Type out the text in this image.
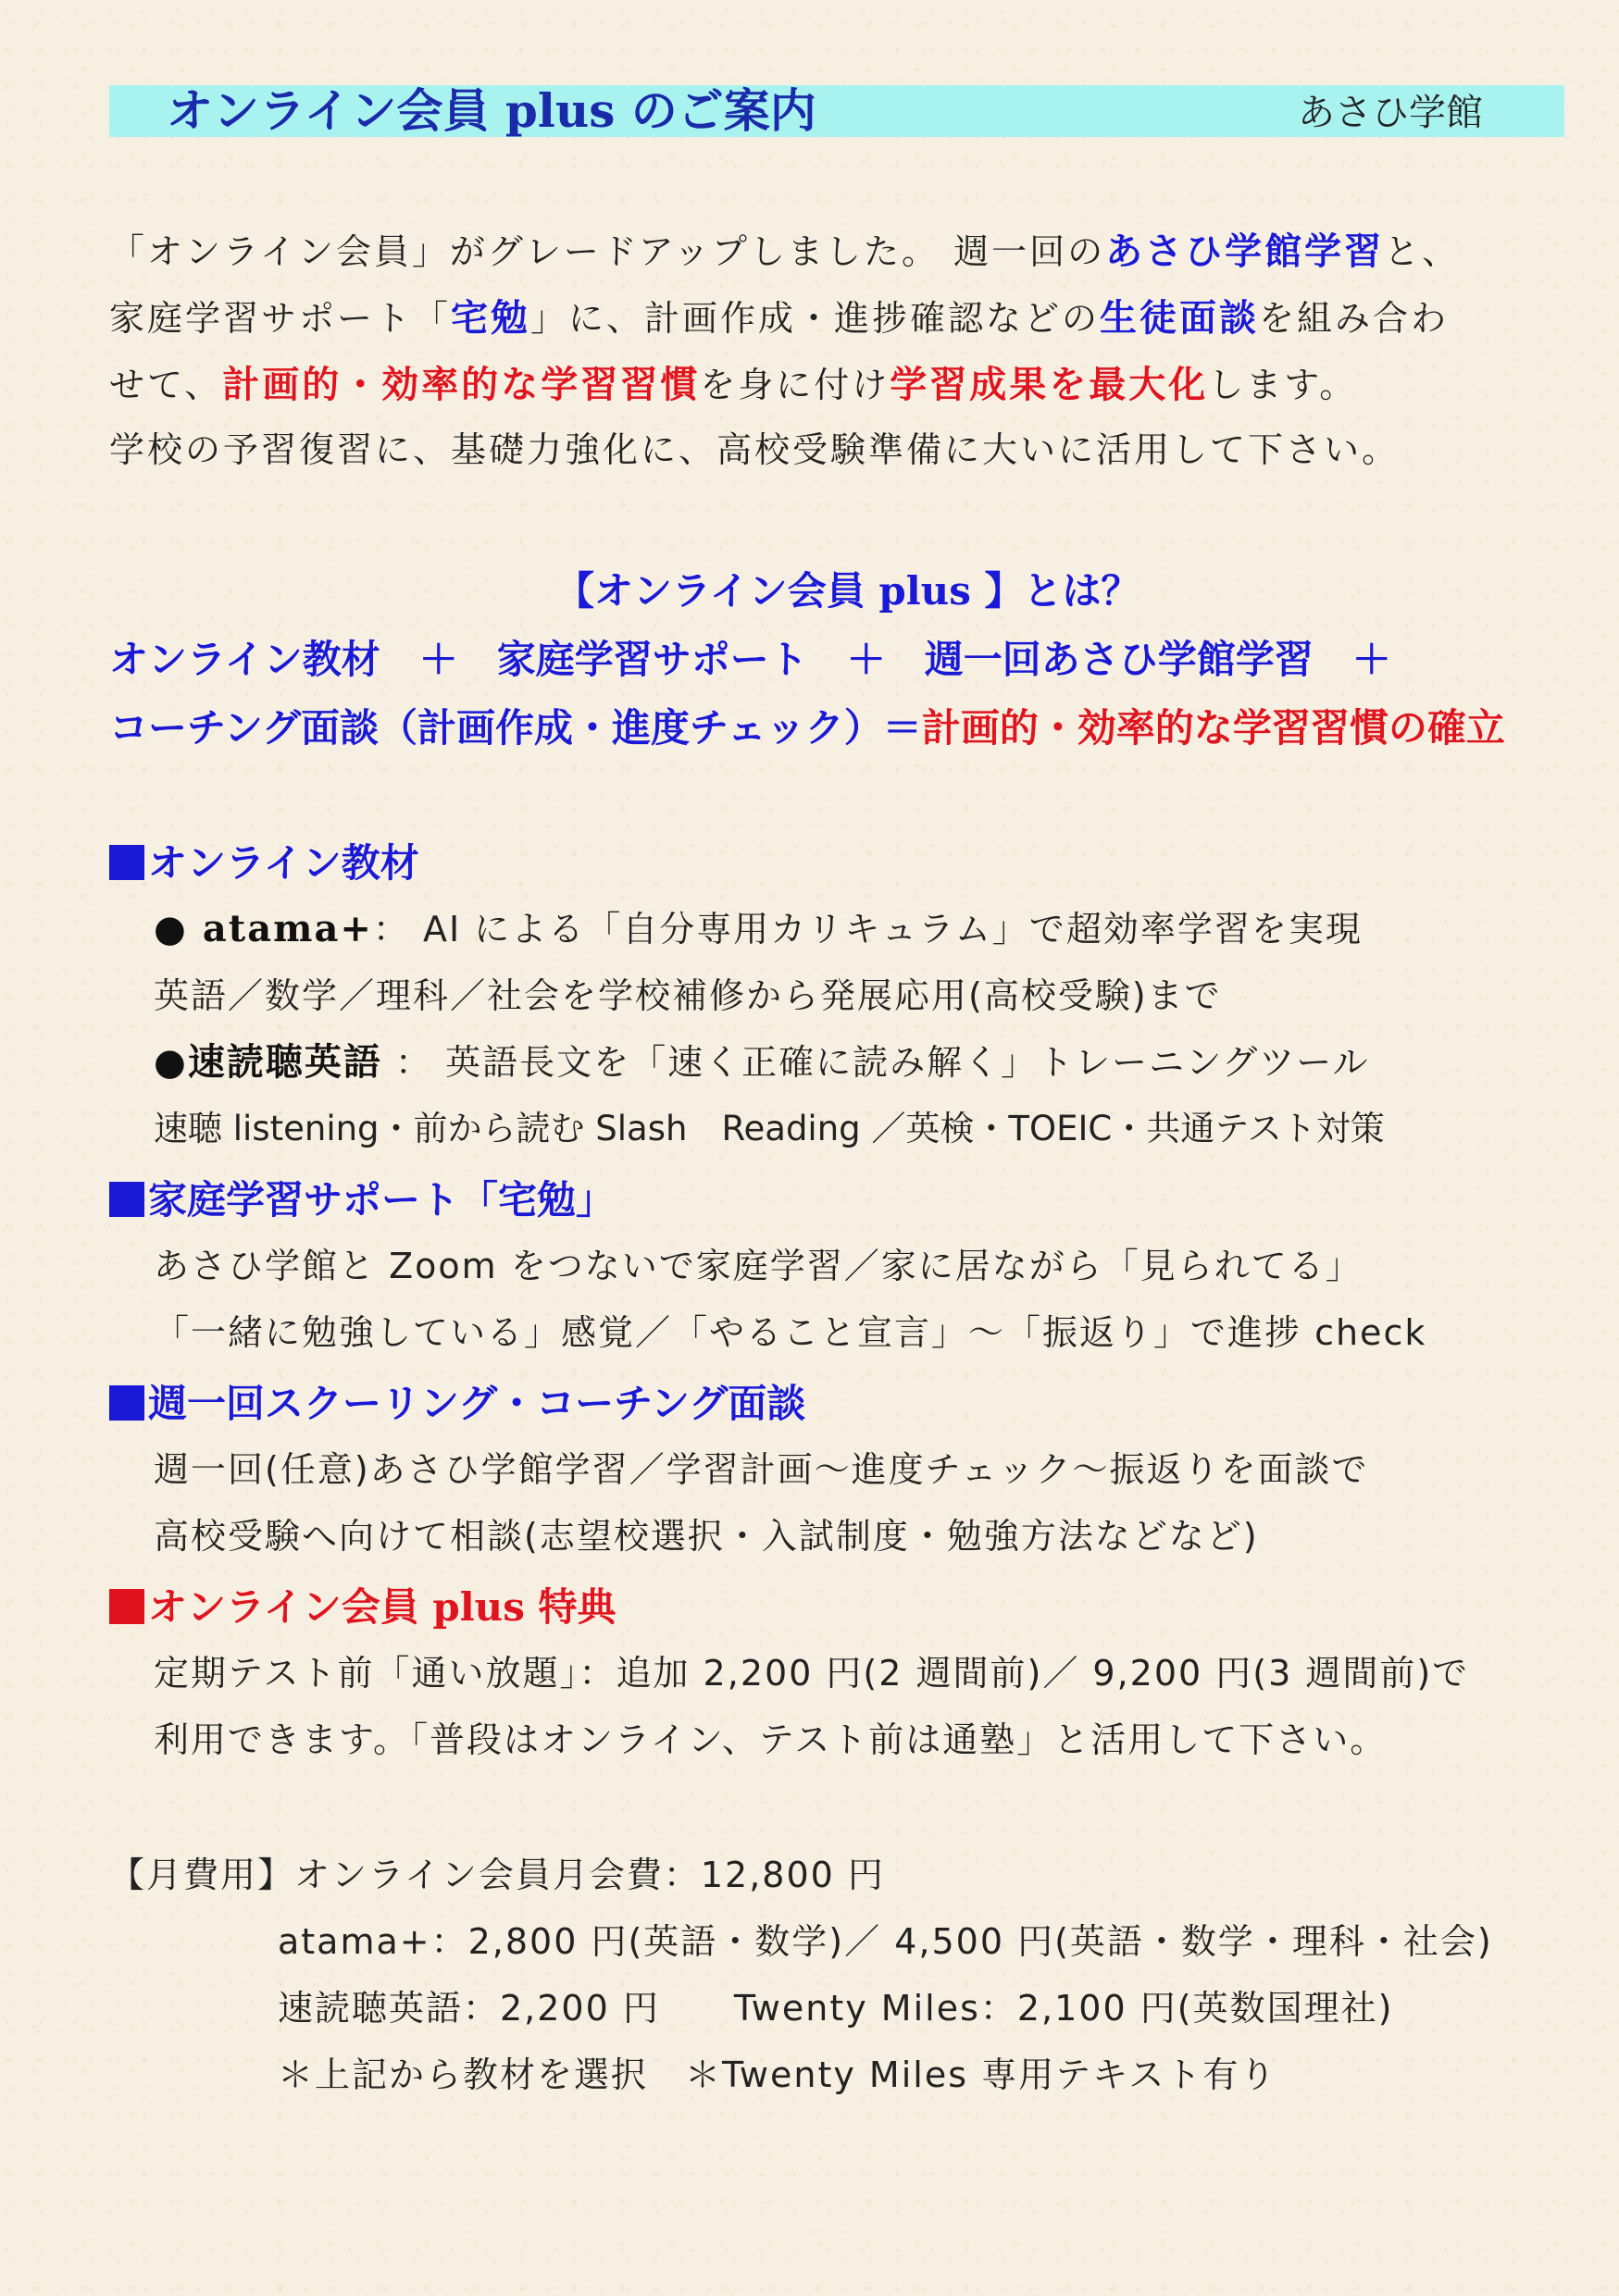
オンライン会員 plus のご案内	あさひ学館
「オンライン会員」がグレードアップしました。 週一回のあさひ学館学習と、
家庭学習サポート「宅勉」に、計画作成・進捗確認などの生徒面談を組み合わ
せて、計画的・効率的な学習習慣を身に付け学習成果を最大化します。
学校の予習復習に、基礎力強化に、高校受験準備に大いに活用して下さい。
【オンライン会員 plus 】とは？
オンライン教材　＋　家庭学習サポート　＋　週一回あさひ学館学習　＋
コーチング面談（計画作成・進度チェック）＝計画的・効率的な学習習慣の確立
オンライン教材
● atama+： AI による「自分専用カリキュラム」で超効率学習を実現
英語／数学／理科／社会を学校補修から発展応用(高校受験)まで
●速読聴英語 ： 英語長文を「速く正確に読み解く」トレーニングツール
速聴 listening・前から読む Slash　Reading ／英検・TOEIC・共通テスト対策
家庭学習サポート「宅勉」
あさひ学館と Zoom をつないで家庭学習／家に居ながら「見られてる」
「一緒に勉強している」感覚／「やること宣言」～「振返り」で進捗 check
週一回スクーリング・コーチング面談
週一回(任意)あさひ学館学習／学習計画～進度チェック～振返りを面談で
高校受験へ向けて相談(志望校選択・入試制度・勉強方法などなど)
オンライン会員 plus 特典
定期テスト前「通い放題」：追加 2,200 円(2 週間前)／ 9,200 円(3 週間前)で
利用できます。「普段はオンライン、テスト前は通塾」と活用して下さい。
【月費用】オンライン会員月会費：12,800 円
atama+：2,800 円(英語・数学)／ 4,500 円(英語・数学・理科・社会)
速読聴英語：2,200 円　　Twenty Miles：2,100 円(英数国理社)
＊上記から教材を選択　＊Twenty Miles 専用テキスト有り
